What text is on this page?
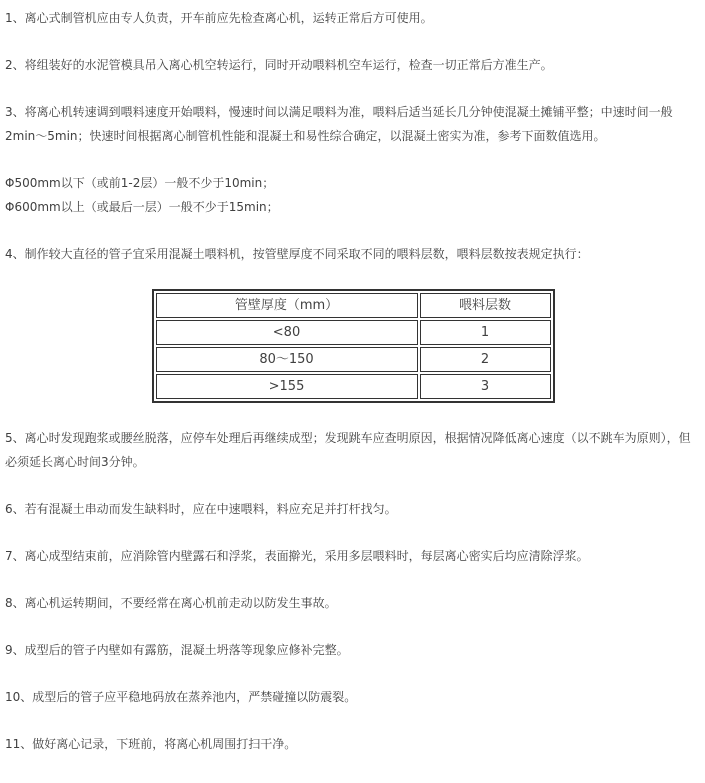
1、离心式制管机应由专人负责，开车前应先检查离心机，运转正常后方可使用。

2、将组装好的水泥管模具吊入离心机空转运行，同时开动喂料机空车运行，检查一切正常后方准生产。

3、将离心机转速调到喂料速度开始喂料，慢速时间以满足喂料为准，喂料后适当延长几分钟使混凝土摊铺平整；中速时间一般2min～5min；快速时间根据离心制管机性能和混凝土和易性综合确定，以混凝土密实为准，参考下面数值选用。

Φ500mm以下（或前1-2层）一般不少于10min；
Φ600mm以上（或最后一层）一般不少于15min；

4、制作较大直径的管子宜采用混凝土喂料机，按管壁厚度不同采取不同的喂料层数，喂料层数按表规定执行：

管壁厚度（mm）	喂料层数
<80	1
80～150	2
>155	3

5、离心时发现跑浆或腰丝脱落，应停车处理后再继续成型；发现跳车应查明原因，根据情况降低离心速度（以不跳车为原则），但必须延长离心时间3分钟。

6、若有混凝土串动而发生缺料时，应在中速喂料，料应充足并打杆找匀。

7、离心成型结束前，应消除管内壁露石和浮浆，表面擀光，采用多层喂料时，每层离心密实后均应清除浮浆。

8、离心机运转期间，不要经常在离心机前走动以防发生事故。

9、成型后的管子内壁如有露筋，混凝土坍落等现象应修补完整。

10、成型后的管子应平稳地码放在蒸养池内，严禁碰撞以防震裂。

11、做好离心记录，下班前，将离心机周围打扫干净。
